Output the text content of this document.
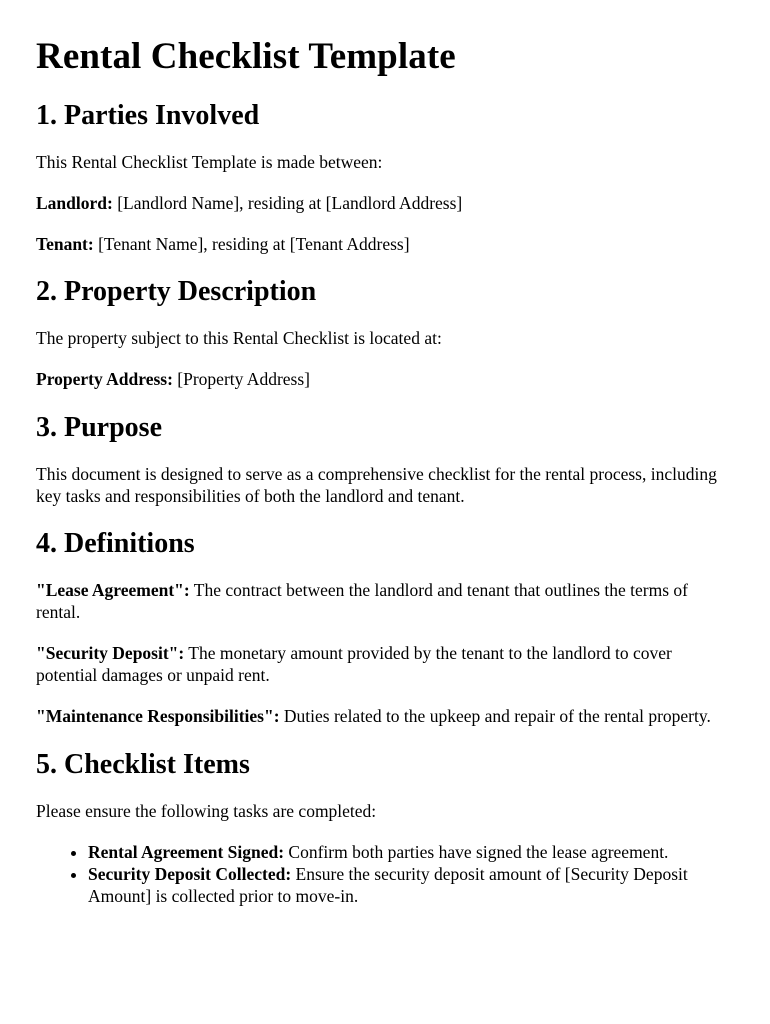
Rental Checklist Template
1. Parties Involved

This Rental Checklist Template is made between:

Landlord: [Landlord Name], residing at [Landlord Address]

Tenant: [Tenant Name], residing at [Tenant Address]

2. Property Description

The property subject to this Rental Checklist is located at:

Property Address: [Property Address]

3. Purpose

This document is designed to serve as a comprehensive checklist for the rental process, including key tasks and responsibilities of both the landlord and tenant.

4. Definitions

"Lease Agreement": The contract between the landlord and tenant that outlines the terms of rental.

"Security Deposit": The monetary amount provided by the tenant to the landlord to cover potential damages or unpaid rent.

"Maintenance Responsibilities": Duties related to the upkeep and repair of the rental property.

5. Checklist Items

Please ensure the following tasks are completed:

• Rental Agreement Signed: Confirm both parties have signed the lease agreement.
• Security Deposit Collected: Ensure the security deposit amount of [Security Deposit Amount] is collected prior to move-in.
